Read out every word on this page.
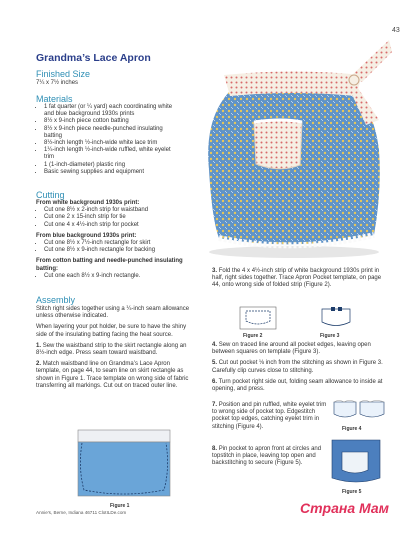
43
Grandma’s Lace Apron
Finished Size
7¼ x 7½ inches
Materials
• 1 fat quarter (or ¼ yard) each coordinating white and blue background 1930s prints
• 8½ x 9-inch piece cotton batting
• 8½ x 9-inch piece needle-punched insulating batting
• 8½-inch length ½-inch-wide white lace trim
• 1¼-inch length ½-inch-wide ruffled, white eyelet trim
• 1 (1-inch-diameter) plastic ring
• Basic sewing supplies and equipment
Cutting
From white background 1930s print:
• Cut one 8½ x 2-inch strip for waistband
• Cut one 2 x 15-inch strip for tie
• Cut one 4 x 4½-inch strip for pocket
From blue background 1930s print:
• Cut one 8½ x 7½-inch rectangle for skirt
• Cut one 8½ x 9-inch rectangle for backing
From cotton batting and needle-punched insulating batting:
• Cut one each 8½ x 9-inch rectangle.
Assembly
Stitch right sides together using a ¼-inch seam allowance unless otherwise indicated.
When layering your pot holder, be sure to have the shiny side of the insulating batting facing the heat source.
1. Sew the waistband strip to the skirt rectangle along an 8½-inch edge. Press seam toward waistband.
2. Match waistband line on Grandma’s Lace Apron template, on page 44, to seam line on skirt rectangle as shown in Figure 1. Trace template on wrong side of fabric transferring all markings. Cut out on traced outer line.
Figure 1
3. Fold the 4 x 4½-inch strip of white background 1930s print in half, right sides together. Trace Apron Pocket template, on page 44, onto wrong side of folded strip (Figure 2).
Figure 2	Figure 3
4. Sew on traced line around all pocket edges, leaving open between squares on template (Figure 3).
5. Cut out pocket ⅛ inch from the stitching as shown in Figure 3. Carefully clip curves close to stitching.
6. Turn pocket right side out, folding seam allowance to inside at opening, and press.
7. Position and pin ruffled, white eyelet trim to wrong side of pocket top. Edgestitch pocket top edges, catching eyelet trim in stitching (Figure 4).	Figure 4
8. Pin pocket to apron front at circles and topstitch in place, leaving top open and backstitching to secure (Figure 5).
Figure 5
Annie’s, Berne, Indiana 46711 ClotILDe.com	Страна Мам
